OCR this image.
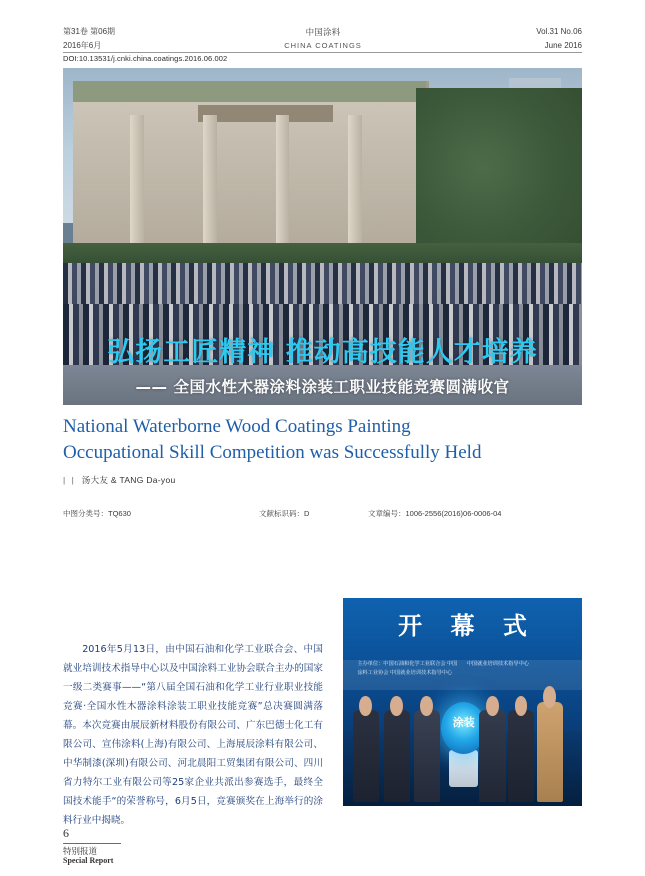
第31卷 第06期
2016年6月
中国涂料
CHINA COATINGS
Vol.31 No.06
June 2016
DOI:10.13531/j.cnki.china.coatings.2016.06.002
弘扬工匠精神 推动高技能人才培养
—— 全国水性木器涂料涂装工职业技能竞赛圆满收官
National Waterborne Wood Coatings Painting
Occupational Skill Competition was Successfully Held
| | 汤大友 & TANG Da-you
中图分类号：TQ630	文献标识码：D	文章编号：1006-2556(2016)06-0006-04

2016年5月13日，由中国石油和化学工业联合会、中国就业培训技术指导中心以及中国涂料工业协会联合主办的国家一级二类赛事——“第八届全国石油和化学工业行业职业技能竞赛·全国水性木器涂料涂装工职业技能竞赛”总决赛圆满落幕。本次竞赛由展辰新材料股份有限公司、广东巴德士化工有限公司、宣伟涂料(上海)有限公司、上海展辰涂料有限公司、中华制漆(深圳)有限公司、河北晨阳工贸集团有限公司、四川省力特尔工业有限公司等25家企业共派出参赛选手，最终全国技术能手“的荣誉称号，6月5日，竞赛颁奖在上海举行的涂料行业中揭晓。

开 幕 式
主办单位：中国石油和化学工业联合会 中国涂料工业协会 中国就业培训技术指导中心
中国就业培训技术指导中心
涂装
6
特别报道
Special Report
